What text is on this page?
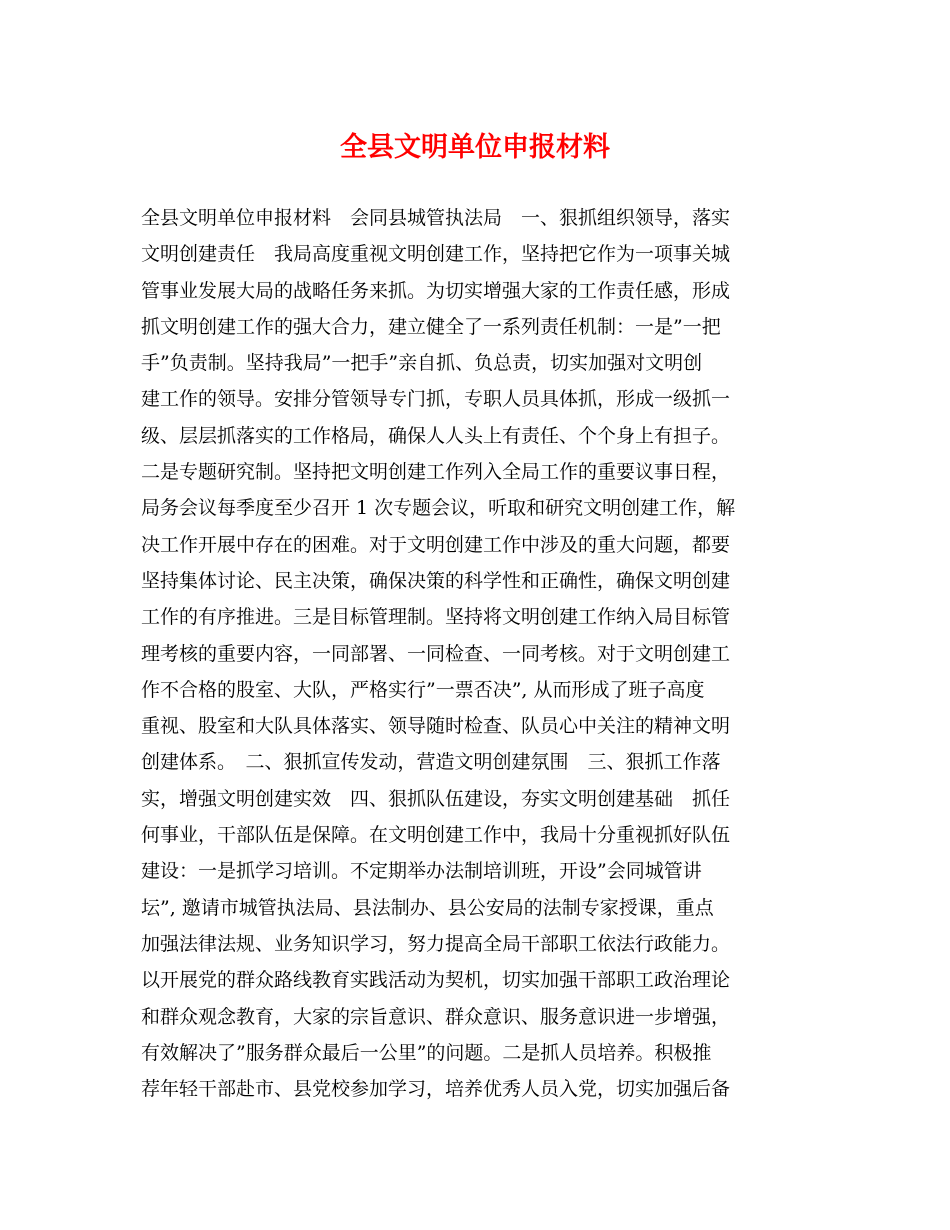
全县文明单位申报材料
全县文明单位申报材料　会同县城管执法局　一、狠抓组织领导，落实
文明创建责任　我局高度重视文明创建工作，坚持把它作为一项事关城
管事业发展大局的战略任务来抓。为切实增强大家的工作责任感，形成
抓文明创建工作的强大合力，建立健全了一系列责任机制：一是”一把
手”负责制。坚持我局”一把手”亲自抓、负总责，切实加强对文明创
建工作的领导。安排分管领导专门抓，专职人员具体抓，形成一级抓一
级、层层抓落实的工作格局，确保人人头上有责任、个个身上有担子。
二是专题研究制。坚持把文明创建工作列入全局工作的重要议事日程，
局务会议每季度至少召开 1 次专题会议，听取和研究文明创建工作，解
决工作开展中存在的困难。对于文明创建工作中涉及的重大问题，都要
坚持集体讨论、民主决策，确保决策的科学性和正确性，确保文明创建
工作的有序推进。三是目标管理制。坚持将文明创建工作纳入局目标管
理考核的重要内容，一同部署、一同检查、一同考核。对于文明创建工
作不合格的股室、大队，严格实行”一票否决”, 从而形成了班子高度
重视、股室和大队具体落实、领导随时检查、队员心中关注的精神文明
创建体系。　二、狠抓宣传发动，营造文明创建氛围　三、狠抓工作落
实，增强文明创建实效　四、狠抓队伍建设，夯实文明创建基础　抓任
何事业，干部队伍是保障。在文明创建工作中，我局十分重视抓好队伍
建设：一是抓学习培训。不定期举办法制培训班，开设”会同城管讲
坛”, 邀请市城管执法局、县法制办、县公安局的法制专家授课，重点
加强法律法规、业务知识学习，努力提高全局干部职工依法行政能力。
以开展党的群众路线教育实践活动为契机，切实加强干部职工政治理论
和群众观念教育，大家的宗旨意识、群众意识、服务意识进一步增强，
有效解决了”服务群众最后一公里”的问题。二是抓人员培养。积极推
荐年轻干部赴市、县党校参加学习，培养优秀人员入党，切实加强后备
